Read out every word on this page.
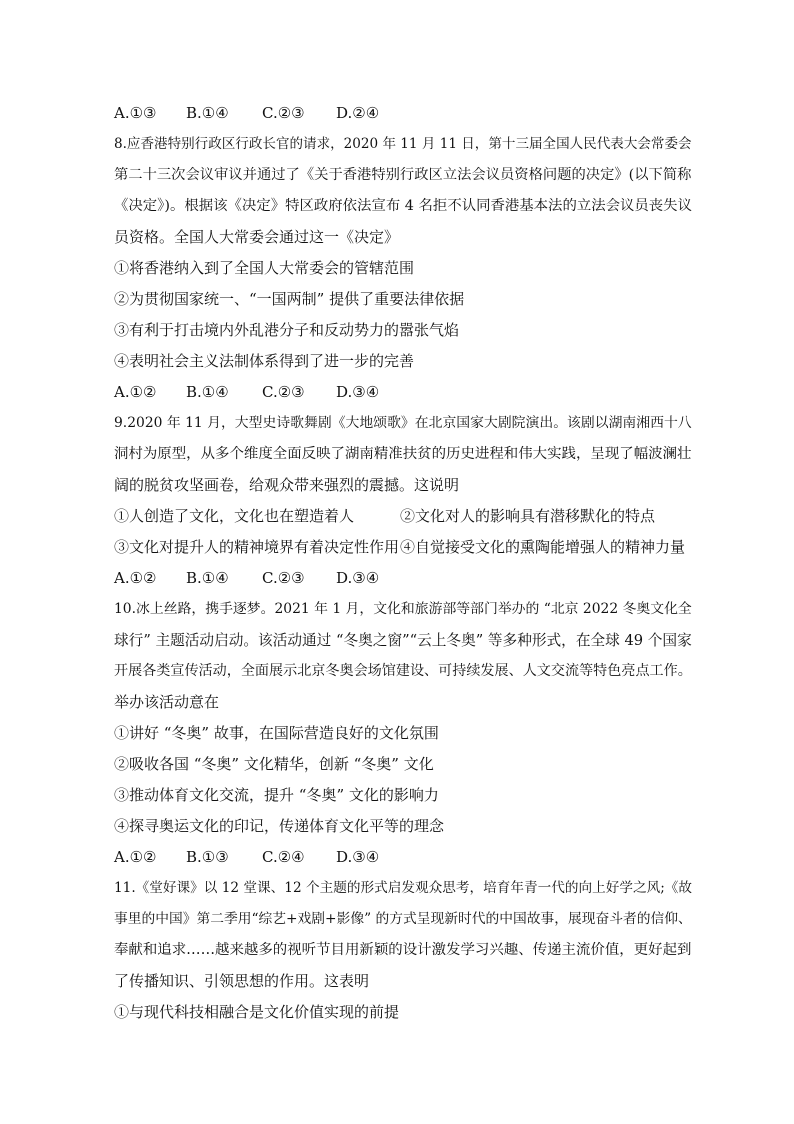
A.①③	B.①④	C.②③	D.②④
8.应香港特别行政区行政长官的请求，2020 年 11 月 11 日，第十三届全国人民代表大会常委会
第二十三次会议审议并通过了《关于香港特别行政区立法会议员资格问题的决定》(以下简称
《决定》)。根据该《决定》特区政府依法宣布 4 名拒不认同香港基本法的立法会议员丧失议
员资格。全国人大常委会通过这一《决定》
①将香港纳入到了全国人大常委会的管辖范围
②为贯彻国家统一、“一国两制” 提供了重要法律依据
③有利于打击境内外乱港分子和反动势力的嚣张气焰
④表明社会主义法制体系得到了进一步的完善
A.①②	B.①④	C.②③	D.③④
9.2020 年 11 月，大型史诗歌舞剧《大地颂歌》在北京国家大剧院演出。该剧以湖南湘西十八
洞村为原型，从多个维度全面反映了湖南精准扶贫的历史进程和伟大实践，呈现了幅波澜壮
阔的脱贫攻坚画卷，给观众带来强烈的震撼。这说明
①人创造了文化，文化也在塑造着人	②文化对人的影响具有潜移默化的特点
③文化对提升人的精神境界有着决定性作用 ④自觉接受文化的熏陶能增强人的精神力量
A.①②	B.①④	C.②③	D.③④
10.冰上丝路，携手逐梦。2021 年 1 月，文化和旅游部等部门举办的 “北京 2022 冬奥文化全
球行” 主题活动启动。该活动通过 “冬奥之窗”“云上冬奥” 等多种形式，在全球 49 个国家
开展各类宣传活动，全面展示北京冬奥会场馆建设、可持续发展、人文交流等特色亮点工作。
举办该活动意在
①讲好 “冬奥” 故事，在国际营造良好的文化氛围
②吸收各国 “冬奥” 文化精华，创新 “冬奥” 文化
③推动体育文化交流，提升 “冬奥” 文化的影响力
④探寻奥运文化的印记，传递体育文化平等的理念
A.①②	B.①③	C.②④	D.③④
11.《堂好课》以 12 堂课、12 个主题的形式启发观众思考，培育年青一代的向上好学之风;《故
事里的中国》第二季用“综艺+戏剧+影像” 的方式呈现新时代的中国故事，展现奋斗者的信仰、
奉献和追求……越来越多的视听节目用新颖的设计激发学习兴趣、传递主流价值，更好起到
了传播知识、引领思想的作用。这表明
①与现代科技相融合是文化价值实现的前提
